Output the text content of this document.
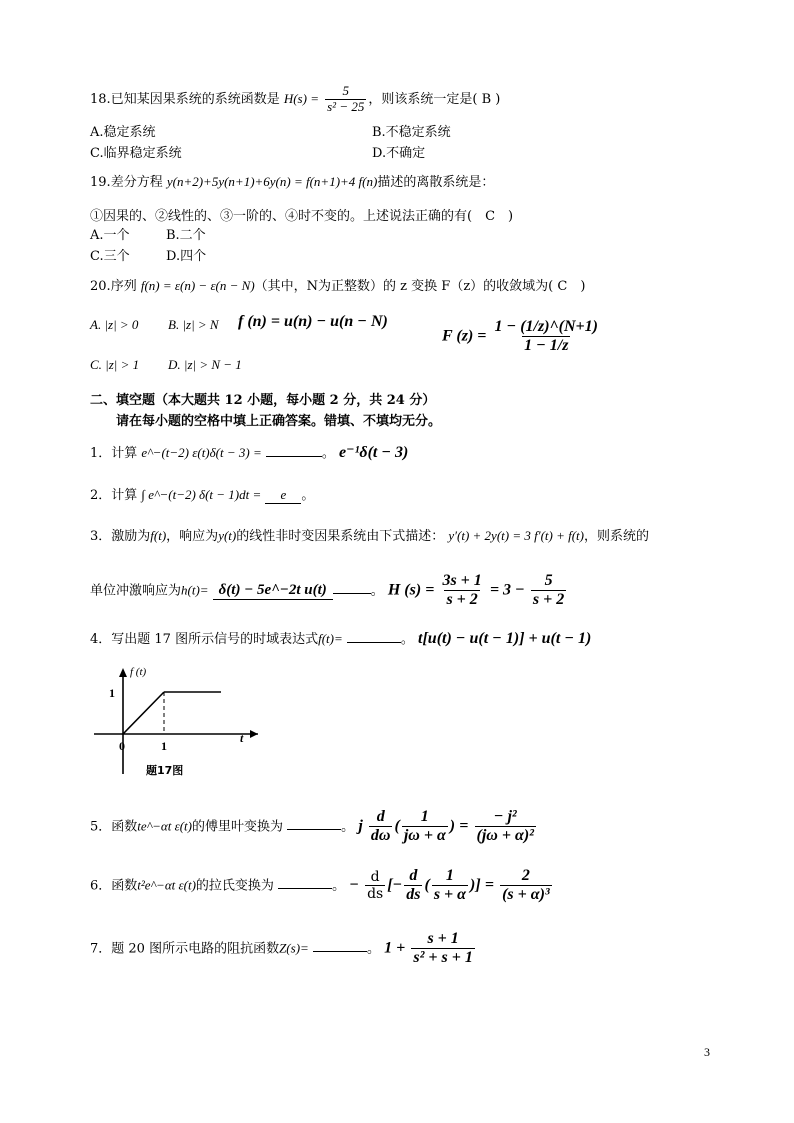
18.已知某因果系统的系统函数是 $H(s) = \frac{5}{\text{s² − 25}}$ ，则该系统一定是( B )
A.稳定系统	B.不稳定系统
C.临界稳定系统	D.不确定
19.差分方程 y(n+2)+5y(n+1)+6y(n) = f(n+1)+4 f(n)描述的离散系统是：
①因果的、②线性的、③一阶的、④时不变的。上述说法正确的有(　C　)
A.一个	B.二个
C.三个	D.四个
20.序列 f(n) = ε(n) − ε(n − N)（其中，N为正整数）的 z 变换 F（z）的收敛域为( C　)
A. |z| > 0 B. |z| > N f (n) = u(n) − u(n − N)
F $(z) = \frac{1 - (1/z)\^{}(N+1)}{1 - 1/z}$
C. |z| > 1 D. |z| > N − 1
二、填空题（本大题共 12 小题，每小题 2 分，共 24 分）
请在每小题的空格中填上正确答案。错填、不填均无分。
1．计算 e^−(t−2) ε(t)δ(t − 3) =	。 e⁻¹δ(t − 3)
2．计算 ∫ e^−(t−2) δ(t − 1)dt = e 。
3．激励为f(t)，响应为y(t)的线性非时变因果系统由下式描述： y′(t) + 2y(t) = 3 f′(t) + f(t)，则系统的
单位冲激响应为h(t)= δ(t) − 5e^−2t u(t)	。 H $(s) = \frac{3s + 1}{s + 2} = 3 - \frac{5}{s + 2}$
4．写出题 17 图所示信号的时域表达式f(t)=	。 t[u(t) − u(t − 1)] + u(t − 1)
f (t)
1
0	1
t
题17图
5．函数te^−αt ε(t)的傅里叶变换为	。 j $\frac{d}{d\omega}$ ( $\frac{1}{j\omega + \alpha}$ ) = $\frac{\text{− j²}}{\text{(jω + α)²}}$
6．函数t²e^−αt ε(t)的拉氏变换为	。 − $\frac{d}{ds}$ [− $\frac{d}{ds}$ ( $\frac{1}{s + \alpha}$ )] = $\frac{2}{\text{(s + α)³}}$
7．题 20 图所示电路的阻抗函数Z(s)=	。 $1 + \frac{s + 1}{\text{s² + s + 1}}$
3
